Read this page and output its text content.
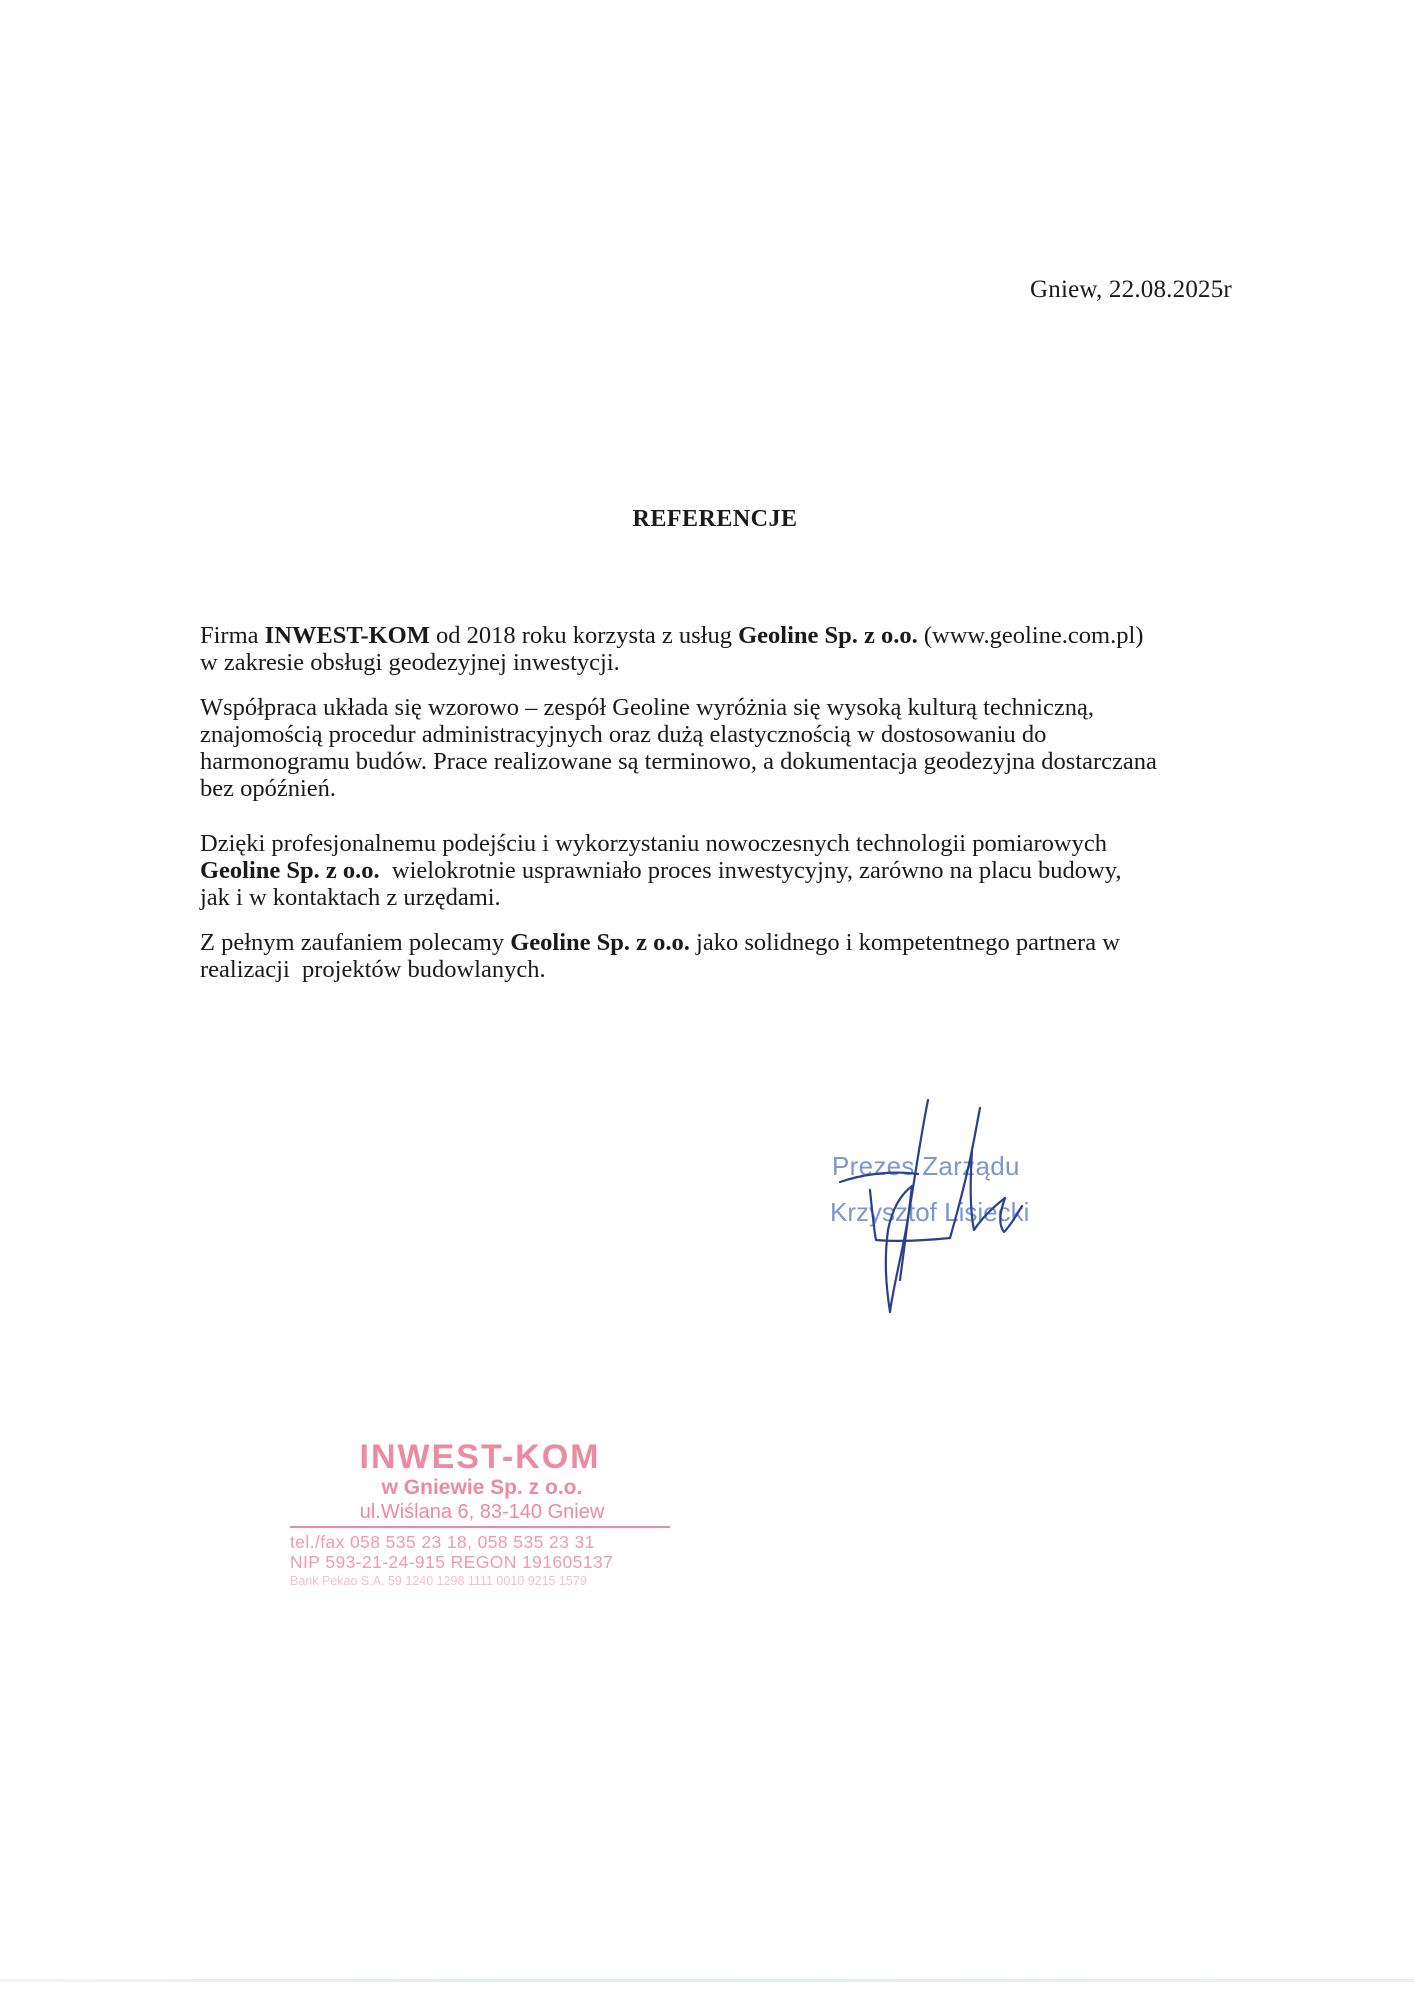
Gniew, 22.08.2025r
REFERENCJE

Firma INWEST-KOM od 2018 roku korzysta z usług Geoline Sp. z o.o. (www.geoline.com.pl)
w zakresie obsługi geodezyjnej inwestycji.

Współpraca układa się wzorowo – zespół Geoline wyróżnia się wysoką kulturą techniczną,
znajomością procedur administracyjnych oraz dużą elastycznością w dostosowaniu do
harmonogramu budów. Prace realizowane są terminowo, a dokumentacja geodezyjna dostarczana
bez opóźnień.

Dzięki profesjonalnemu podejściu i wykorzystaniu nowoczesnych technologii pomiarowych
Geoline Sp. z o.o.  wielokrotnie usprawniało proces inwestycyjny, zarówno na placu budowy,
jak i w kontaktach z urzędami.

Z pełnym zaufaniem polecamy Geoline Sp. z o.o. jako solidnego i kompetentnego partnera w
realizacji  projektów budowlanych.

Prezes Zarządu
Krzysztof Lisiecki
INWEST-KOM
w Gniewie Sp. z o.o.
ul.Wiślana 6, 83-140 Gniew
tel./fax 058 535 23 18, 058 535 23 31
NIP 593-21-24-915 REGON 191605137
Bank Pekao S.A. 59 1240 1298 1111 0010 9215 1579
